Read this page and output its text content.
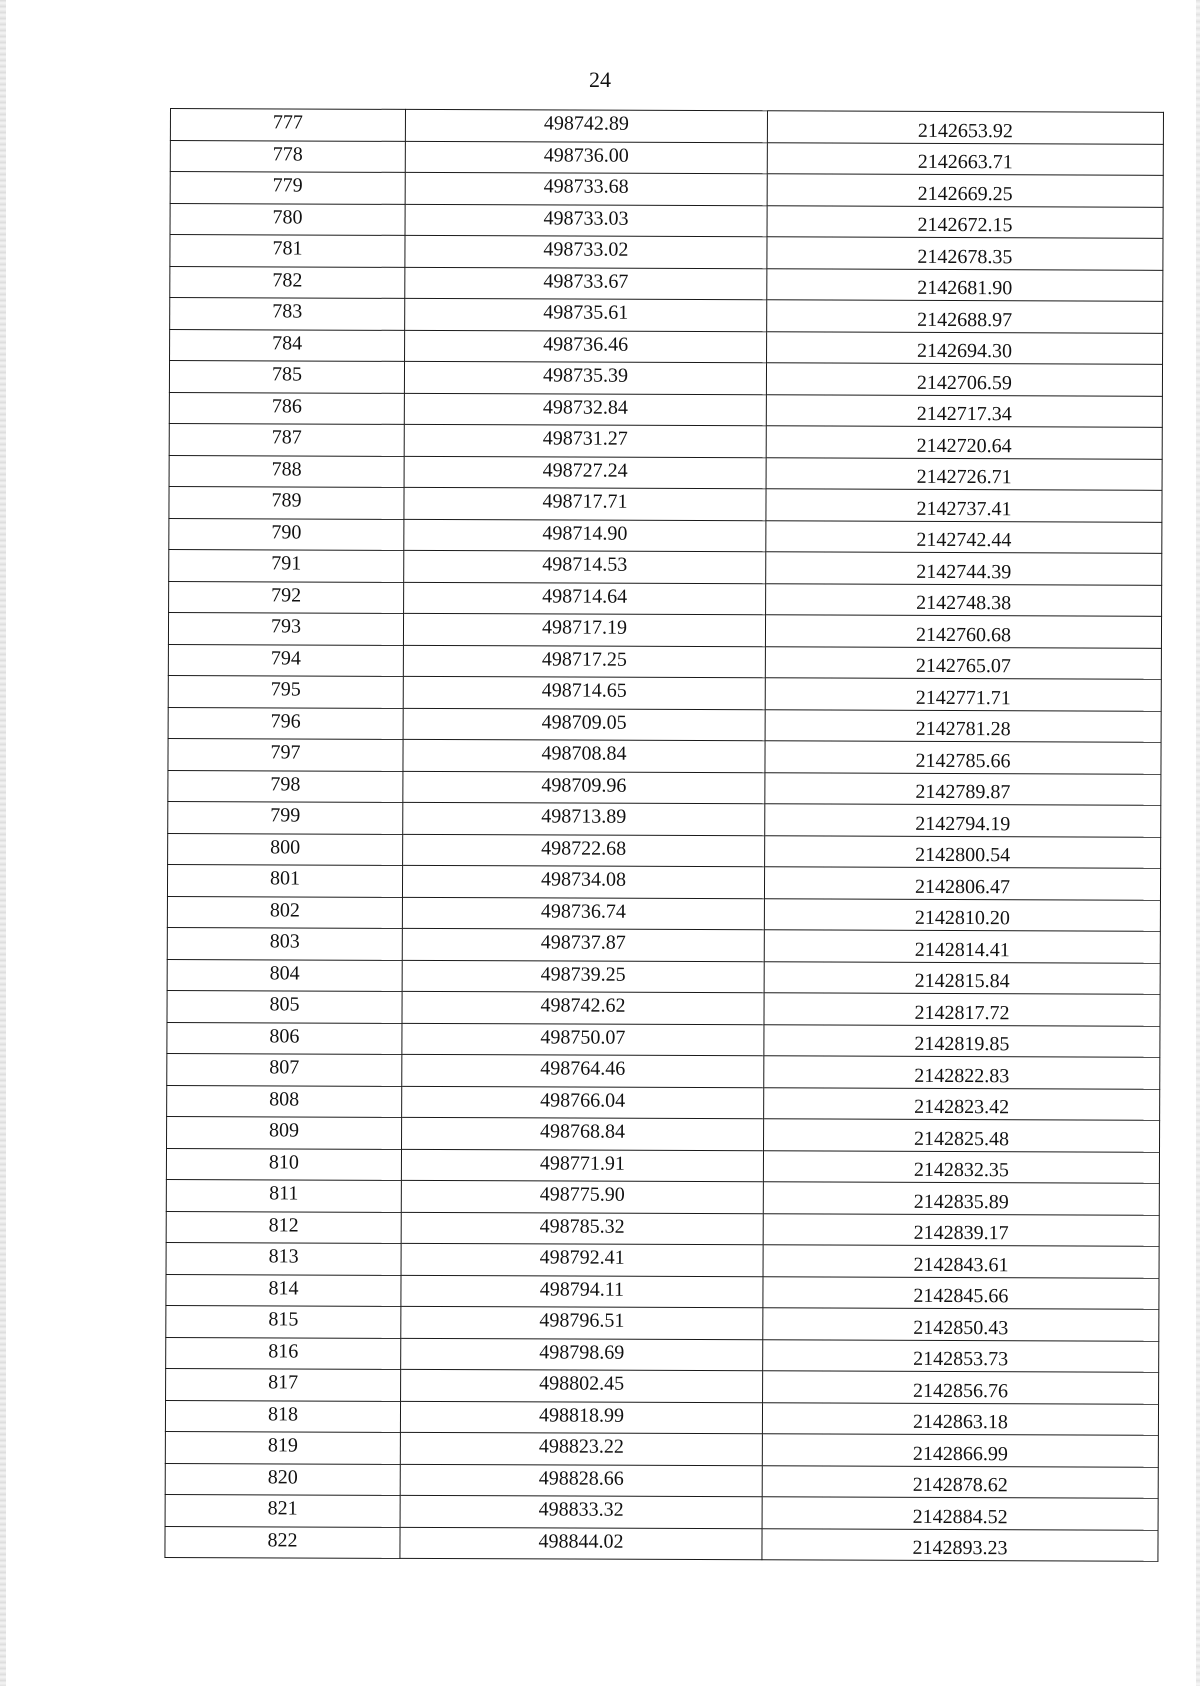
24
777	498742.89	2142653.92
778	498736.00	2142663.71
779	498733.68	2142669.25
780	498733.03	2142672.15
781	498733.02	2142678.35
782	498733.67	2142681.90
783	498735.61	2142688.97
784	498736.46	2142694.30
785	498735.39	2142706.59
786	498732.84	2142717.34
787	498731.27	2142720.64
788	498727.24	2142726.71
789	498717.71	2142737.41
790	498714.90	2142742.44
791	498714.53	2142744.39
792	498714.64	2142748.38
793	498717.19	2142760.68
794	498717.25	2142765.07
795	498714.65	2142771.71
796	498709.05	2142781.28
797	498708.84	2142785.66
798	498709.96	2142789.87
799	498713.89	2142794.19
800	498722.68	2142800.54
801	498734.08	2142806.47
802	498736.74	2142810.20
803	498737.87	2142814.41
804	498739.25	2142815.84
805	498742.62	2142817.72
806	498750.07	2142819.85
807	498764.46	2142822.83
808	498766.04	2142823.42
809	498768.84	2142825.48
810	498771.91	2142832.35
811	498775.90	2142835.89
812	498785.32	2142839.17
813	498792.41	2142843.61
814	498794.11	2142845.66
815	498796.51	2142850.43
816	498798.69	2142853.73
817	498802.45	2142856.76
818	498818.99	2142863.18
819	498823.22	2142866.99
820	498828.66	2142878.62
821	498833.32	2142884.52
822	498844.02	2142893.23
